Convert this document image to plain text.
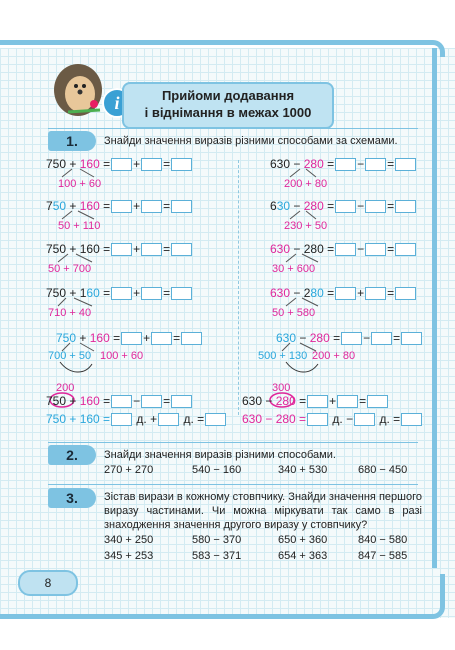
i	Прийоми додавання
і віднімання в межах 1000
1.	Знайди значення виразів різними способами за схемами.
750 + 160 = + =
100 + 60
750 + 160 = + =
50 + 110
750 + 160 = + =
50 + 700
750 + 160 = + =
710 + 40
750 + 160 = + =
700 + 50 100 + 60
200
750 + 160 = − =
750 + 160 = д. + д. =
630 − 280 = − =
200 + 80
630 − 280 = − =
230 + 50
630 − 280 = − =
30 + 600
630 − 280 = + =
50 + 580
630 − 280 = − =
500 + 130 200 + 80
300
630 − 280 = + =
630 − 280 = д. − д. =
2.	Знайди значення виразів різними способами.
270 + 270	540 − 160	340 + 530	680 − 450
3.	Зістав вирази в кожному стовпчику. Знайди значення першого виразу частинами. Чи можна міркувати так само в разі знаходження значення другого виразу у стовпчику?
340 + 250	580 − 370	650 + 360	840 − 580
345 + 253	583 − 371	654 + 363	847 − 585
8
